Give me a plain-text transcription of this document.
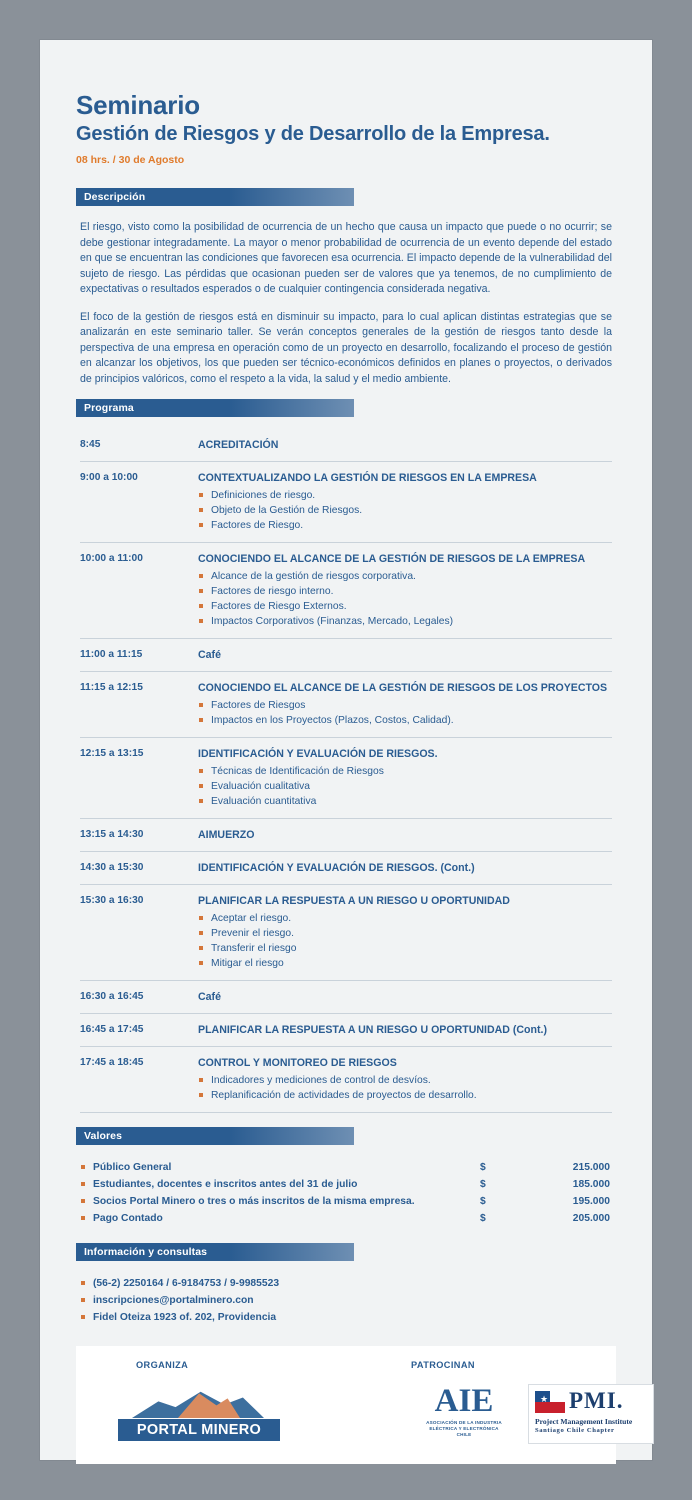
Seminario
Gestión de Riesgos y de Desarrollo de la Empresa.
08 hrs. / 30 de Agosto
Descripción

El riesgo, visto como la posibilidad de ocurrencia de un hecho que causa un impacto que puede o no ocurrir; se debe gestionar integradamente. La mayor o menor probabilidad de ocurrencia de un evento depende del estado en que se encuentran las condiciones que favorecen esa ocurrencia. El impacto depende de la vulnerabilidad del sujeto de riesgo. Las pérdidas que ocasionan pueden ser de valores que ya tenemos, de no cumplimiento de expectativas o resultados esperados o de cualquier contingencia considerada negativa.

El foco de la gestión de riesgos está en disminuir su impacto, para lo cual aplican distintas estrategias que se analizarán en este seminario taller. Se verán conceptos generales de la gestión de riesgos tanto desde la perspectiva de una empresa en operación como de un proyecto en desarrollo, focalizando el proceso de gestión en alcanzar los objetivos, los que pueden ser técnico-económicos definidos en planes o proyectos, o derivados de principios valóricos, como el respeto a la vida, la salud y el medio ambiente.

Programa
8:45	ACREDITACIÓN
9:00 a 10:00	CONTEXTUALIZANDO LA GESTIÓN DE RIESGOS EN LA EMPRESA
Definiciones de riesgo.
Objeto de la Gestión de Riesgos.
Factores de Riesgo.
10:00 a 11:00	CONOCIENDO EL ALCANCE DE LA GESTIÓN DE RIESGOS DE LA EMPRESA
Alcance de la gestión de riesgos corporativa.
Factores de riesgo interno.
Factores de Riesgo Externos.
Impactos Corporativos (Finanzas, Mercado, Legales)
11:00 a 11:15	Café
11:15 a 12:15	CONOCIENDO EL ALCANCE DE LA GESTIÓN DE RIESGOS DE LOS PROYECTOS
Factores de Riesgos
Impactos en los Proyectos (Plazos, Costos, Calidad).
12:15 a 13:15	IDENTIFICACIÓN Y EVALUACIÓN DE RIESGOS.
Técnicas de Identificación de Riesgos
Evaluación cualitativa
Evaluación cuantitativa
13:15 a 14:30	AIMUERZO
14:30 a 15:30	IDENTIFICACIÓN Y EVALUACIÓN DE RIESGOS. (Cont.)
15:30 a 16:30	PLANIFICAR LA RESPUESTA A UN RIESGO U OPORTUNIDAD
Aceptar el riesgo.
Prevenir el riesgo.
Transferir el riesgo
Mitigar el riesgo
16:30 a 16:45	Café
16:45 a 17:45	PLANIFICAR LA RESPUESTA A UN RIESGO U OPORTUNIDAD (Cont.)
17:45 a 18:45	CONTROL Y MONITOREO DE RIESGOS
Indicadores y mediciones de control de desvíos.
Replanificación de actividades de proyectos de desarrollo.
Valores
Público General	$	215.000
Estudiantes, docentes e inscritos antes del 31 de julio	$	185.000
Socios Portal Minero o tres o más inscritos de la misma empresa.	$	195.000
Pago Contado	$	205.000
Información y consultas
(56-2) 2250164 / 6-9184753 / 9-9985523
inscripciones@portalminero.con
Fidel Oteiza 1923 of. 202, Providencia
ORGANIZA	PATROCINAN
PORTAL MINERO
AIE
ASOCIACIÓN DE LA INDUSTRIA
ELÉCTRICA Y ELECTRÓNICA
CHILE
★ PMI.
Project Management Institute
Santiago Chile Chapter
